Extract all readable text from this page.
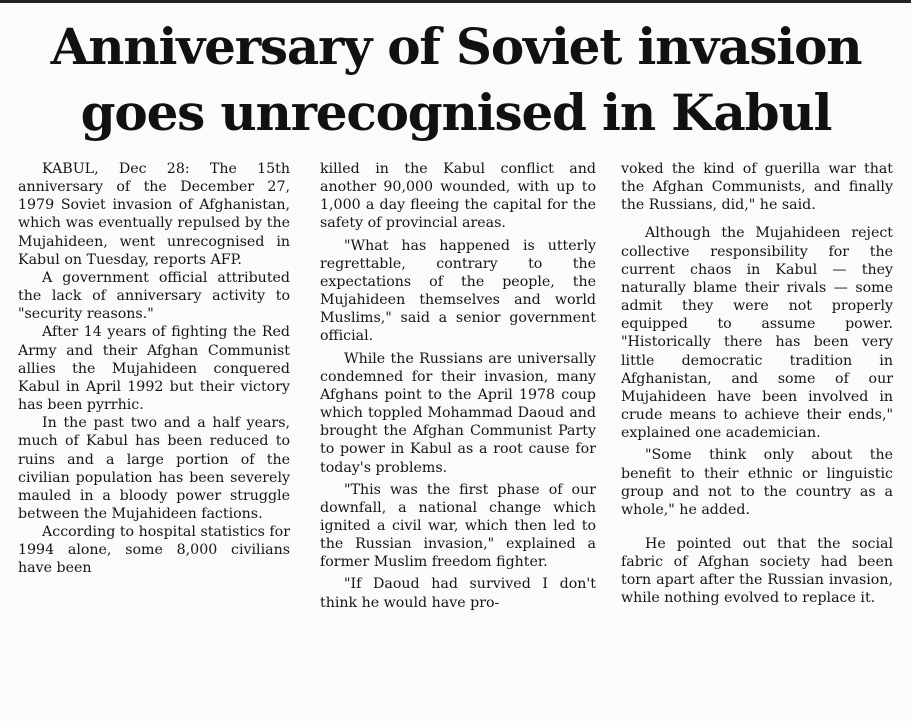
Anniversary of Soviet invasion
goes unrecognised in Kabul

KABUL, Dec 28: The 15th anniversary of the December 27, 1979 Soviet invasion of Afghanistan, which was eventually repulsed by the Mujahideen, went unrecognised in Kabul on Tuesday, reports AFP.

A government official attributed the lack of anniversary activity to "security reasons."

After 14 years of fighting the Red Army and their Afghan Communist allies the Mujahideen conquered Kabul in April 1992 but their victory has been pyrrhic.

In the past two and a half years, much of Kabul has been reduced to ruins and a large portion of the civilian population has been severely mauled in a bloody power struggle between the Mujahideen factions.

According to hospital statistics for 1994 alone, some 8,000 civilians have been

killed in the Kabul conflict and another 90,000 wounded, with up to 1,000 a day fleeing the capital for the safety of provincial areas.

"What has happened is utterly regrettable, contrary to the expectations of the people, the Mujahideen themselves and world Muslims," said a senior government official.

While the Russians are universally condemned for their invasion, many Afghans point to the April 1978 coup which toppled Mohammad Daoud and brought the Afghan Communist Party to power in Kabul as a root cause for today's problems.

"This was the first phase of our downfall, a national change which ignited a civil war, which then led to the Russian invasion," explained a former Muslim freedom fighter.

"If Daoud had survived I don't think he would have pro-

voked the kind of guerilla war that the Afghan Communists, and finally the Russians, did," he said.

Although the Mujahideen reject collective responsibility for the current chaos in Kabul — they naturally blame their rivals — some admit they were not properly equipped to assume power. "Historically there has been very little democratic tradition in Afghanistan, and some of our Mujahideen have been involved in crude means to achieve their ends," explained one academician.

"Some think only about the benefit to their ethnic or linguistic group and not to the country as a whole," he added.

He pointed out that the social fabric of Afghan society had been torn apart after the Russian invasion, while nothing evolved to replace it.
